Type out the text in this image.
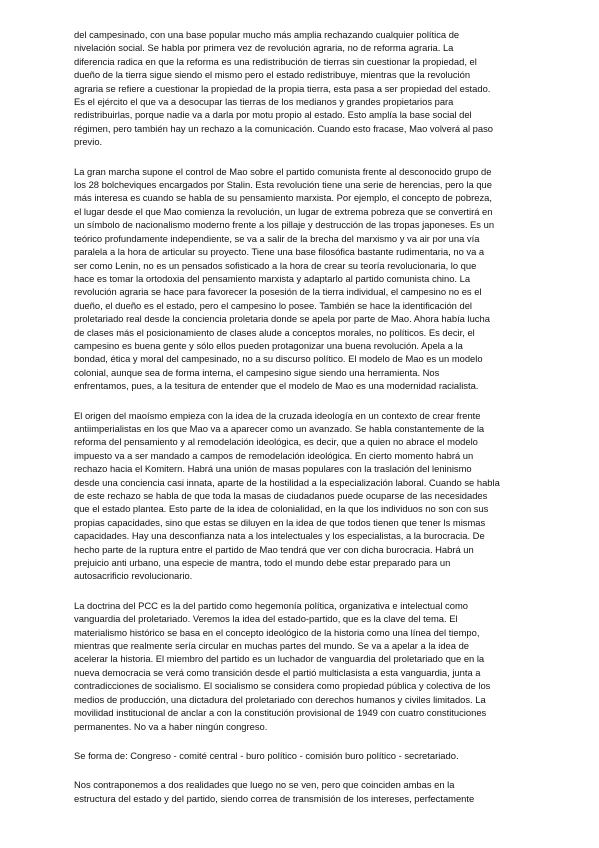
del campesinado, con una base popular mucho más amplia rechazando cualquier política de
nivelación social. Se habla por primera vez de revolución agraria, no de reforma agraria. La
diferencia radica en que la reforma es una redistribución de tierras sin cuestionar la propiedad, el
dueño de la tierra sigue siendo el mismo pero el estado redistribuye, mientras que la revolución
agraria se refiere a cuestionar la propiedad de la propia tierra, esta pasa a ser propiedad del estado.
Es el ejército el que va a desocupar las tierras de los medianos y grandes propietarios para
redistribuirlas, porque nadie va a darla por motu propio al estado. Esto amplía la base social del
régimen, pero también hay un rechazo a la comunicación. Cuando esto fracase, Mao volverá al paso
previo.
La gran marcha supone el control de Mao sobre el partido comunista frente al desconocido grupo de
los 28 bolcheviques encargados por Stalin. Esta revolución tiene una serie de herencias, pero la que
más interesa es cuando se habla de su pensamiento marxista. Por ejemplo, el concepto de pobreza,
el lugar desde el que Mao comienza la revolución, un lugar de extrema pobreza que se convertirá en
un símbolo de nacionalismo moderno frente a los pillaje y destrucción de las tropas japoneses. Es un
teórico profundamente independiente, se va a salir de la brecha del marxismo y va air por una vía
paralela a la hora de articular su proyecto. Tiene una base filosófica bastante rudimentaria, no va a
ser como Lenin, no es un pensados sofisticado a la hora de crear su teoría revolucionaria, lo que
hace es tomar la ortodoxia del pensamiento marxista y adaptarlo al partido comunista chino. La
revolución agraria se hace para favorecer la posesión de la tierra individual, el campesino no es el
dueño, el dueño es el estado, pero el campesino lo posee. También se hace la identificación del
proletariado real desde la conciencia proletaria donde se apela por parte de Mao. Ahora había lucha
de clases más el posicionamiento de clases alude a conceptos morales, no políticos. Es decir, el
campesino es buena gente y sólo ellos pueden protagonizar una buena revolución. Apela a la
bondad, ética y moral del campesinado, no a su discurso político. El modelo de Mao es un modelo
colonial, aunque sea de forma interna, el campesino sigue siendo una herramienta. Nos
enfrentamos, pues, a la tesitura de entender que el modelo de Mao es una modernidad racialista.
El origen del maoísmo empieza con la idea de la cruzada ideología en un contexto de crear frente
antiimperialistas en los que Mao va a aparecer como un avanzado. Se habla constantemente de la
reforma del pensamiento y al remodelación ideológica, es decir, que a quien no abrace el modelo
impuesto va a ser mandado a campos de remodelación ideológica. En cierto momento habrá un
rechazo hacia el Komitern. Habrá una unión de masas populares con la traslación del leninismo
desde una conciencia casi innata, aparte de la hostilidad a la especialización laboral. Cuando se habla
de este rechazo se habla de que toda la masas de ciudadanos puede ocuparse de las necesidades
que el estado plantea. Esto parte de la idea de colonialidad, en la que los individuos no son con sus
propias capacidades, sino que estas se diluyen en la idea de que todos tienen que tener ls mismas
capacidades. Hay una desconfianza nata a los intelectuales y los especialistas, a la burocracia. De
hecho parte de la ruptura entre el partido de Mao tendrá que ver con dicha burocracia. Habrá un
prejuicio anti urbano, una especie de mantra, todo el mundo debe estar preparado para un
autosacrificio revolucionario.
La doctrina del PCC es la del partido como hegemonía política, organizativa e intelectual como
vanguardia del proletariado. Veremos la idea del estado-partido, que es la clave del tema. El
materialismo histórico se basa en el concepto ideológico de la historia como una línea del tiempo,
mientras que realmente sería circular en muchas partes del mundo. Se va a apelar a la idea de
acelerar la historia. El miembro del partido es un luchador de vanguardia del proletariado que en la
nueva democracia se verá como transición desde el partió multiclasista a esta vanguardia, junta a
contradicciones de socialismo. El socialismo se considera como propiedad pública y colectiva de los
medios de producción, una dictadura del proletariado con derechos humanos y civiles limitados. La
movilidad institucional de anclar a con la constitución provisional de 1949 con cuatro constituciones
permanentes. No va a haber ningún congreso.
Se forma de: Congreso - comité central - buro político - comisión buro político - secretariado.
Nos contraponemos a dos realidades que luego no se ven, pero que coinciden ambas en la
estructura del estado y del partido, siendo correa de transmisión de los intereses, perfectamente
